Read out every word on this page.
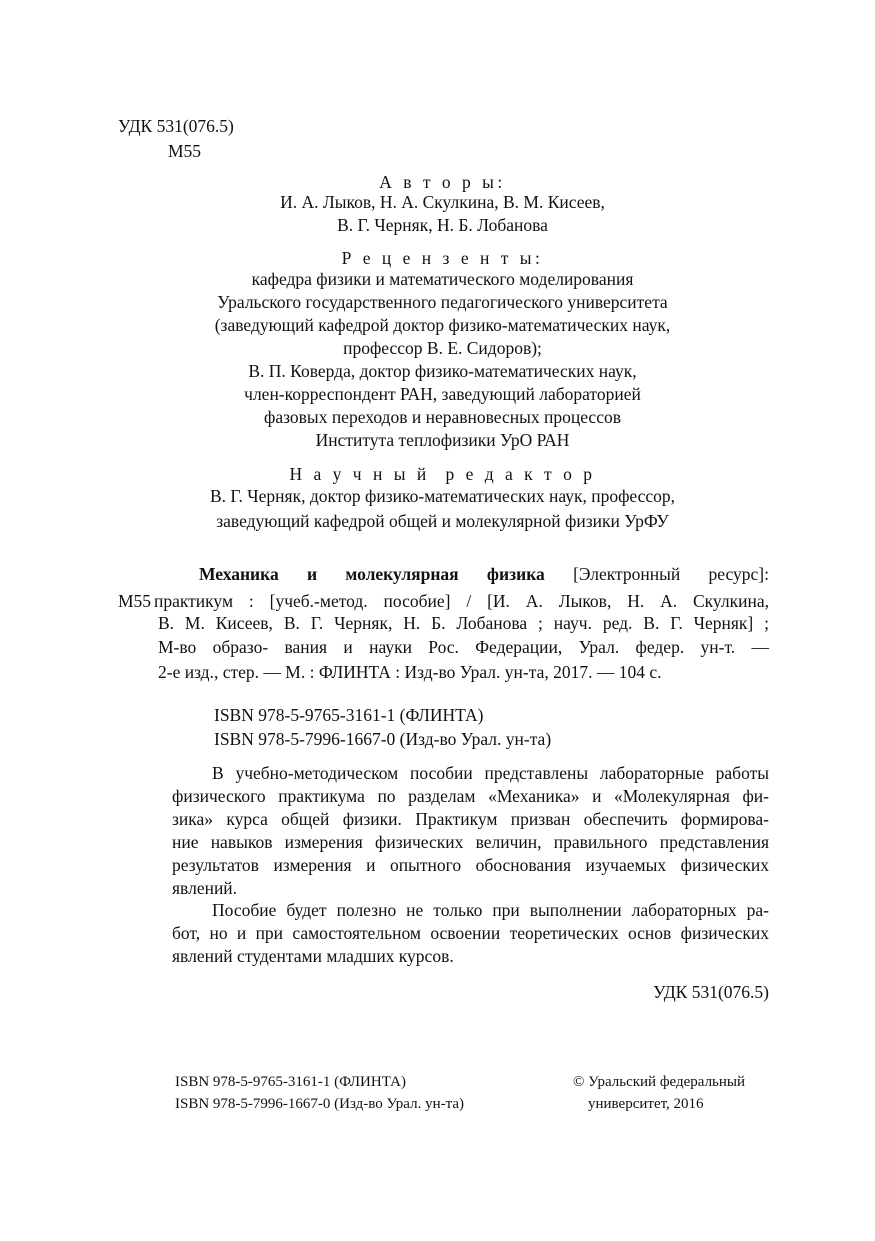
УДК 531(076.5)

М55

А в т о р ы:

И. А. Лыков, Н. А. Скулкина, В. М. Кисеев,

В. Г. Черняк, Н. Б. Лобанова

Р е ц е н з е н т ы:

кафедра физики и математического моделирования

Уральского государственного педагогического университета

(заведующий кафедрой доктор физико-математических наук,

профессор В. Е. Сидоров);

В. П. Коверда, доктор физико-математических наук,

член-корреспондент РАН, заведующий лабораторией

фазовых переходов и неравновесных процессов

Института теплофизики УрО РАН

Н а у ч н ы й  р е д а к т о р

В. Г. Черняк, доктор физико-математических наук, профессор,

заведующий кафедрой общей и молекулярной физики УрФУ

Механика и молекулярная физика [Электронный ресурс]:

М55 практикум : [учеб.-метод. пособие] / [И. А. Лыков, Н. А. Скулкина,

В. М. Кисеев, В. Г. Черняк, Н. Б. Лобанова ; науч. ред. В. Г. Черняк] ;

М-во образо- вания и науки Рос. Федерации, Урал. федер. ун-т. —

2-е изд., стер. — М. : ФЛИНТА : Изд-во Урал. ун-та, 2017. — 104 с.

ISBN 978-5-9765-3161-1 (ФЛИНТА)

ISBN 978-5-7996-1667-0 (Изд-во Урал. ун-та)

В учебно-методическом пособии представлены лабораторные работы
физического практикума по разделам «Механика» и «Молекулярная фи-
зика» курса общей физики. Практикум призван обеспечить формирова-
ние навыков измерения физических величин, правильного представления
результатов измерения и опытного обоснования изучаемых физических
явлений.
Пособие будет полезно не только при выполнении лабораторных ра-
бот, но и при самостоятельном освоении теоретических основ физических
явлений студентами младших курсов.

УДК 531(076.5)

ISBN 978-5-9765-3161-1 (ФЛИНТА)

ISBN 978-5-7996-1667-0 (Изд-во Урал. ун-та)

© Уральский федеральный

университет, 2016
